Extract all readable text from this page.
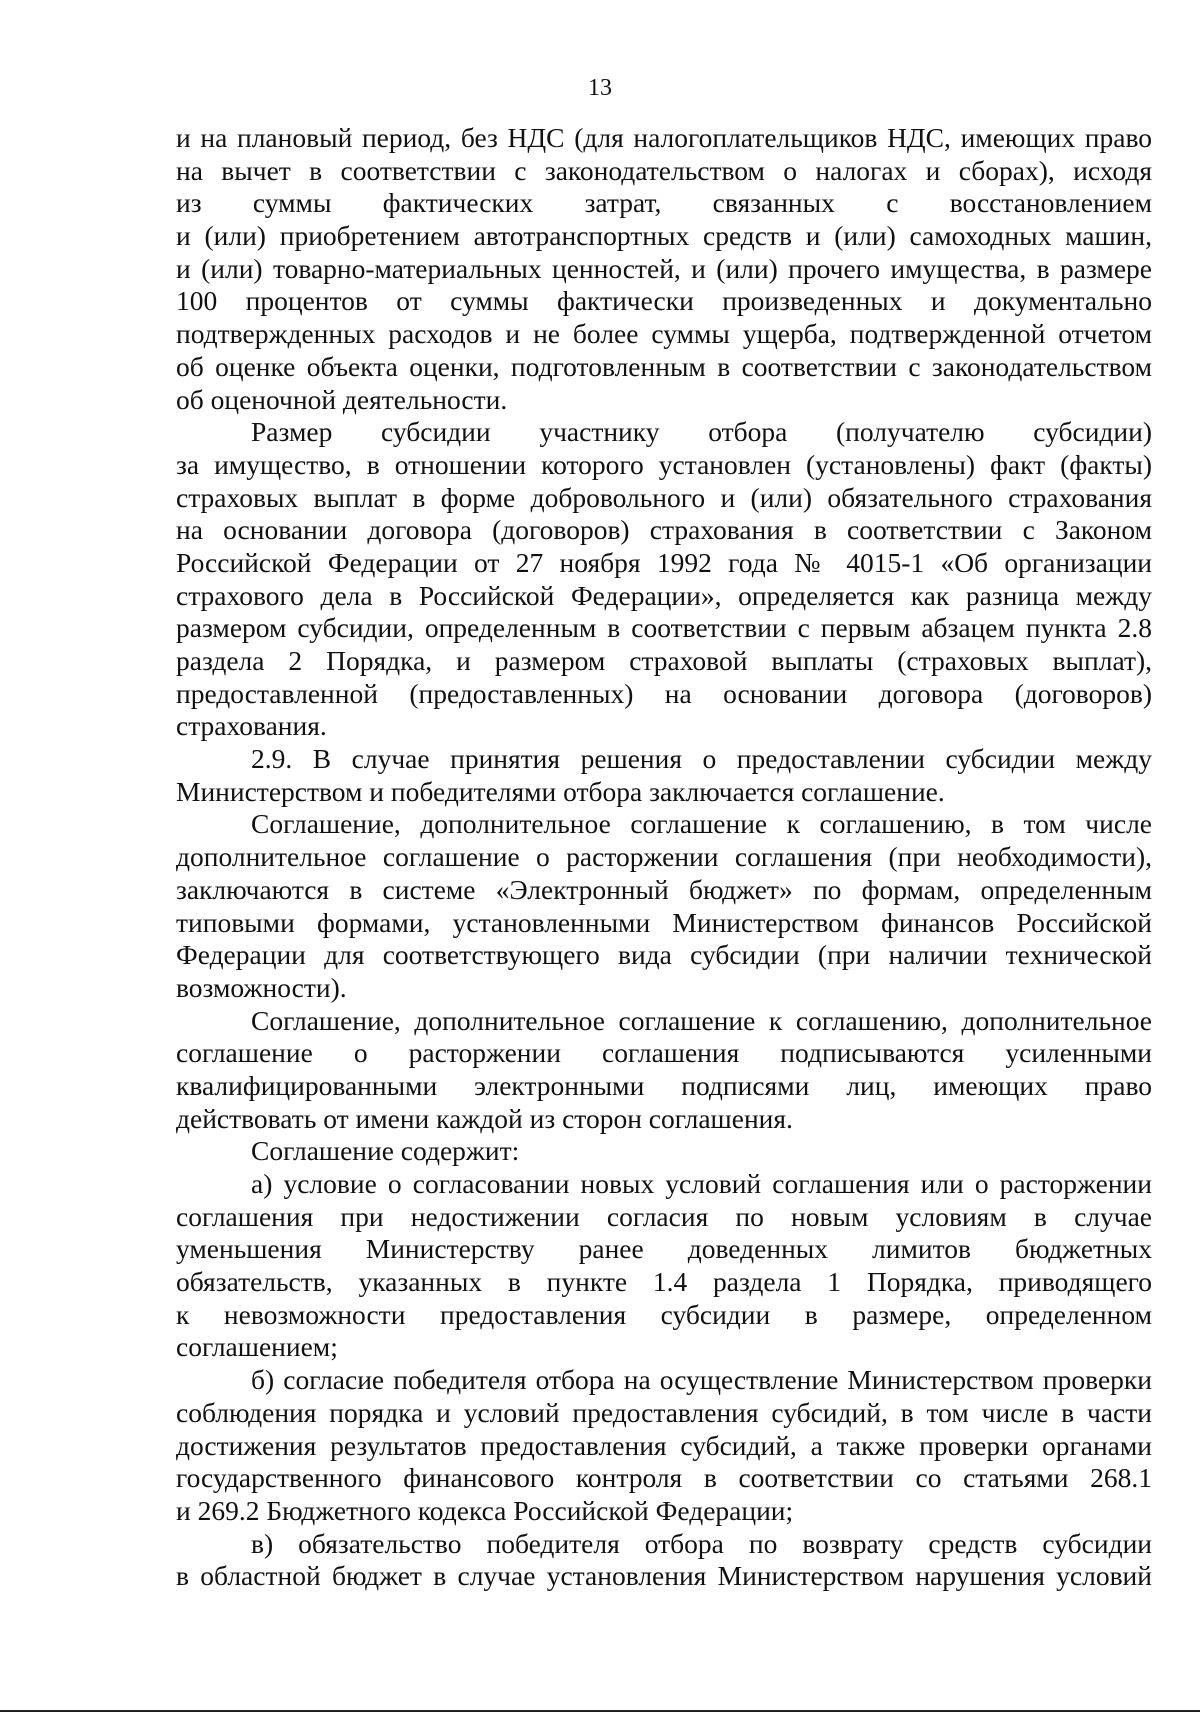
13
и на плановый период, без НДС (для налогоплательщиков НДС, имеющих право
на вычет в соответствии с законодательством о налогах и сборах), исходя
из суммы фактических затрат, связанных с восстановлением
и (или) приобретением автотранспортных средств и (или) самоходных машин,
и (или) товарно-материальных ценностей, и (или) прочего имущества, в размере
100 процентов от суммы фактически произведенных и документально
подтвержденных расходов и не более суммы ущерба, подтвержденной отчетом
об оценке объекта оценки, подготовленным в соответствии с законодательством
об оценочной деятельности.
Размер субсидии участнику отбора (получателю субсидии)
за имущество, в отношении которого установлен (установлены) факт (факты)
страховых выплат в форме добровольного и (или) обязательного страхования
на основании договора (договоров) страхования в соответствии с Законом
Российской Федерации от 27 ноября 1992 года № 4015-1 «Об организации
страхового дела в Российской Федерации», определяется как разница между
размером субсидии, определенным в соответствии с первым абзацем пункта 2.8
раздела 2 Порядка, и размером страховой выплаты (страховых выплат),
предоставленной (предоставленных) на основании договора (договоров)
страхования.
2.9. В случае принятия решения о предоставлении субсидии между
Министерством и победителями отбора заключается соглашение.
Соглашение, дополнительное соглашение к соглашению, в том числе
дополнительное соглашение о расторжении соглашения (при необходимости),
заключаются в системе «Электронный бюджет» по формам, определенным
типовыми формами, установленными Министерством финансов Российской
Федерации для соответствующего вида субсидии (при наличии технической
возможности).
Соглашение, дополнительное соглашение к соглашению, дополнительное
соглашение о расторжении соглашения подписываются усиленными
квалифицированными электронными подписями лиц, имеющих право
действовать от имени каждой из сторон соглашения.
Соглашение содержит:
а) условие о согласовании новых условий соглашения или о расторжении
соглашения при недостижении согласия по новым условиям в случае
уменьшения Министерству ранее доведенных лимитов бюджетных
обязательств, указанных в пункте 1.4 раздела 1 Порядка, приводящего
к невозможности предоставления субсидии в размере, определенном
соглашением;
б) согласие победителя отбора на осуществление Министерством проверки
соблюдения порядка и условий предоставления субсидий, в том числе в части
достижения результатов предоставления субсидий, а также проверки органами
государственного финансового контроля в соответствии со статьями 268.1
и 269.2 Бюджетного кодекса Российской Федерации;
в) обязательство победителя отбора по возврату средств субсидии
в областной бюджет в случае установления Министерством нарушения условий
